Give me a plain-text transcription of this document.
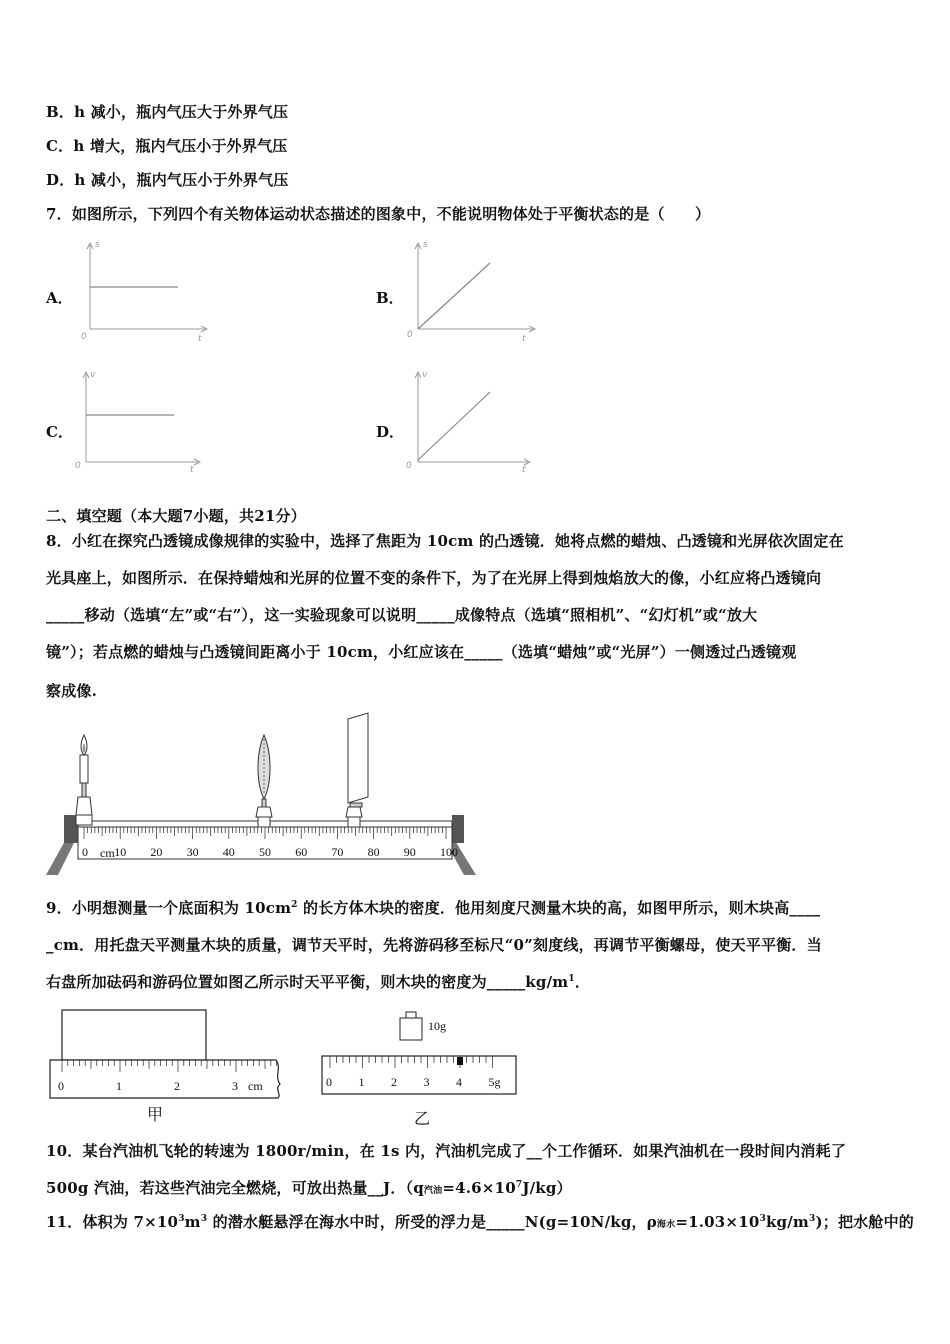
B．h 减小，瓶内气压大于外界气压
C．h 增大，瓶内气压小于外界气压
D．h 减小，瓶内气压小于外界气压
7．如图所示，下列四个有关物体运动状态描述的图象中，不能说明物体处于平衡状态的是（　　）
A．	B．
C．	D．
s
t
0
s
t
0
v
t
0
v
t
0
二、填空题（本大题7小题，共21分）
8．小红在探究凸透镜成像规律的实验中，选择了焦距为 10cm 的凸透镜．她将点燃的蜡烛、凸透镜和光屏依次固定在
光具座上，如图所示．在保持蜡烛和光屏的位置不变的条件下，为了在光屏上得到烛焰放大的像，小红应将凸透镜向
_____移动（选填“左”或“右”），这一实验现象可以说明_____成像特点（选填“照相机”、“幻灯机”或“放大
镜”）；若点燃的蜡烛与凸透镜间距离小于 10cm，小红应该在_____（选填“蜡烛”或“光屏”）一侧透过凸透镜观
察成像.
cm
0 10 20 30 40 50 60 70 80 90 100
9．小明想测量一个底面积为 $10cm^2$ 的长方体木块的密度．他用刻度尺测量木块的高，如图甲所示，则木块高____
_cm．用托盘天平测量木块的质量，调节天平时，先将游码移至标尺“0”刻度线，再调节平衡螺母，使天平平衡．当
右盘所加砝码和游码位置如图乙所示时天平平衡，则木块的密度为$\_\_\_\_\_kg/m^1$．
0	1	2	3 cm
甲
10g
0 1 2 3 4 5g
乙
10．某台汽油机飞轮的转速为 1800r/min，在 1s 内，汽油机完成了__个工作循环．如果汽油机在一段时间内消耗了
500g 汽油，若这些汽油完全燃烧，可放出热量__J．（q汽油$=4.6\times 10^7J/kg$）
11．体积为 $7\times 10^3m^3$ 的潜水艇悬浮在海水中时，所受的浮力是_____N(g=10N/kg，ρ海水$=1.03\times 10^3kg/m^3$)；把水舱中的
